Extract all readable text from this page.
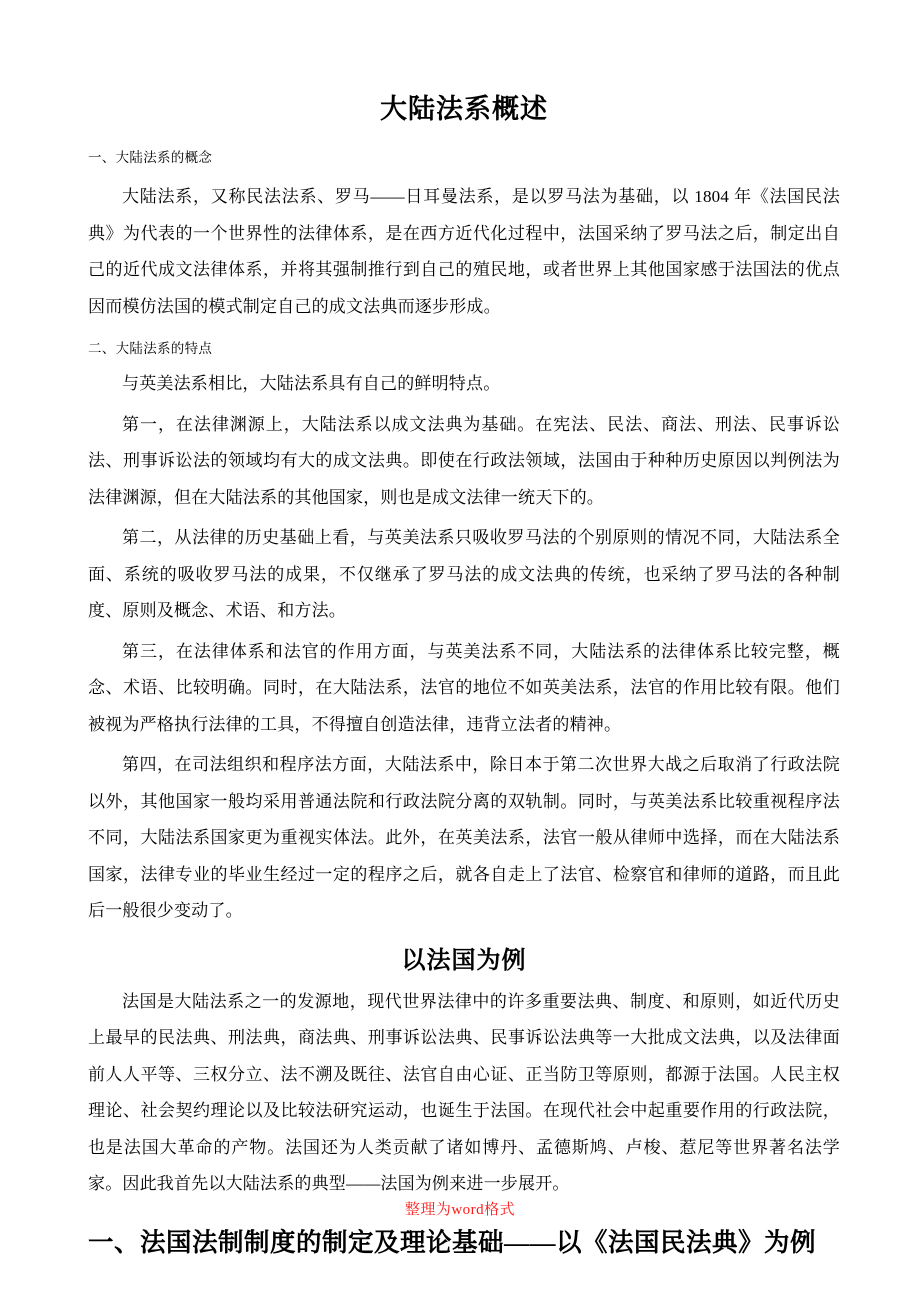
大陆法系概述
一、大陆法系的概念

大陆法系，又称民法法系、罗马——日耳曼法系，是以罗马法为基础，以 1804 年《法国民法典》为代表的一个世界性的法律体系，是在西方近代化过程中，法国采纳了罗马法之后，制定出自己的近代成文法律体系，并将其强制推行到自己的殖民地，或者世界上其他国家感于法国法的优点因而模仿法国的模式制定自己的成文法典而逐步形成。

二、大陆法系的特点

与英美法系相比，大陆法系具有自己的鲜明特点。

第一，在法律渊源上，大陆法系以成文法典为基础。在宪法、民法、商法、刑法、民事诉讼法、刑事诉讼法的领域均有大的成文法典。即使在行政法领域，法国由于种种历史原因以判例法为法律渊源，但在大陆法系的其他国家，则也是成文法律一统天下的。

第二，从法律的历史基础上看，与英美法系只吸收罗马法的个别原则的情况不同，大陆法系全面、系统的吸收罗马法的成果，不仅继承了罗马法的成文法典的传统，也采纳了罗马法的各种制度、原则及概念、术语、和方法。

第三，在法律体系和法官的作用方面，与英美法系不同，大陆法系的法律体系比较完整，概念、术语、比较明确。同时，在大陆法系，法官的地位不如英美法系，法官的作用比较有限。他们被视为严格执行法律的工具，不得擅自创造法律，违背立法者的精神。

第四，在司法组织和程序法方面，大陆法系中，除日本于第二次世界大战之后取消了行政法院以外，其他国家一般均采用普通法院和行政法院分离的双轨制。同时，与英美法系比较重视程序法不同，大陆法系国家更为重视实体法。此外，在英美法系，法官一般从律师中选择，而在大陆法系国家，法律专业的毕业生经过一定的程序之后，就各自走上了法官、检察官和律师的道路，而且此后一般很少变动了。

以法国为例

法国是大陆法系之一的发源地，现代世界法律中的许多重要法典、制度、和原则，如近代历史上最早的民法典、刑法典，商法典、刑事诉讼法典、民事诉讼法典等一大批成文法典，以及法律面前人人平等、三权分立、法不溯及既往、法官自由心证、正当防卫等原则，都源于法国。人民主权理论、社会契约理论以及比较法研究运动，也诞生于法国。在现代社会中起重要作用的行政法院，也是法国大革命的产物。法国还为人类贡献了诸如博丹、孟德斯鸠、卢梭、惹尼等世界著名法学家。因此我首先以大陆法系的典型——法国为例来进一步展开。

一、法国法制制度的制定及理论基础——以《法国民法典》为例
整理为word格式
